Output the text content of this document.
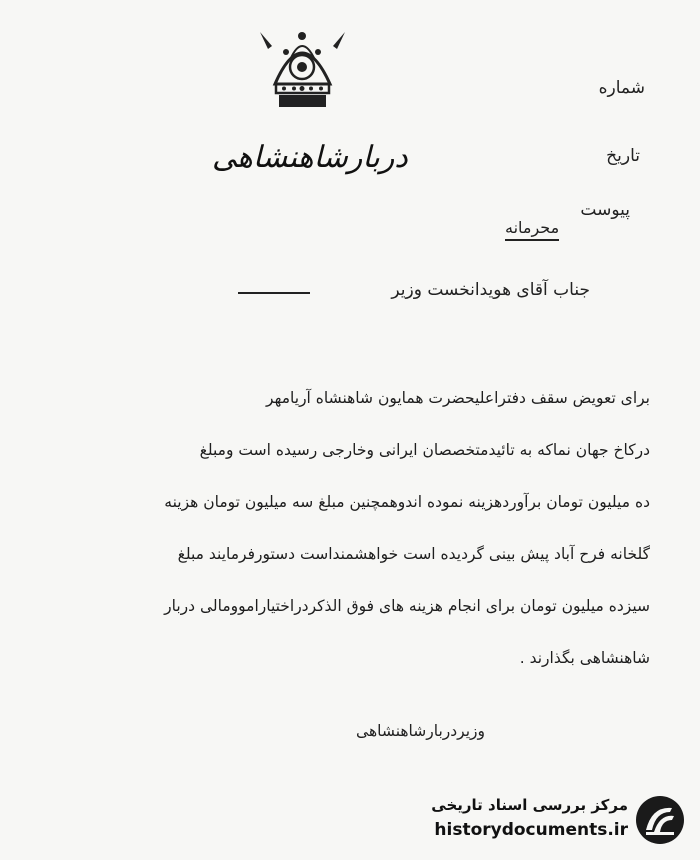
دربارشاهنشاهی
شماره
تاریخ
پیوست
محرمانه
جناب آقای هویدانخست وزیر
برای تعویض سقف دفتراعلیحضرت همایون شاهنشاه آریامهر
درکاخ جهان نماکه به تائیدمتخصصان ایرانی وخارجی رسیده است ومبلغ
ده میلیون تومان برآوردهزینه نموده اندوهمچنین مبلغ سه میلیون تومان هزینه
گلخانه فرح آباد پیش بینی گردیده است خواهشمنداست دستورفرمایند مبلغ
سیزده میلیون تومان برای انجام هزینه های فوق الذکردراختیاراموومالی دربار
شاهنشاهی بگذارند .
وزیردربارشاهنشاهی
مرکز بررسی اسناد تاریخی
historydocuments.ir
